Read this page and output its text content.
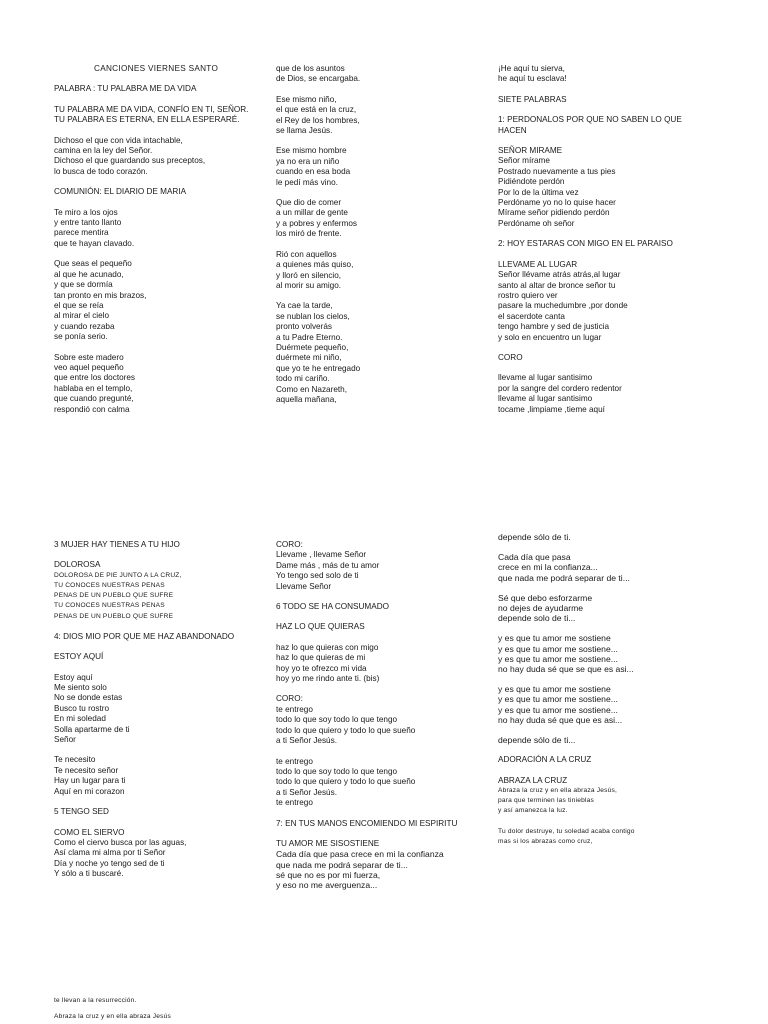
CANCIONES VIERNES SANTO

PALABRA : TU PALABRA ME DA VIDA

TU PALABRA ME DA VIDA, CONFÍO EN TI, SEÑOR.
TU PALABRA ES ETERNA, EN ELLA ESPERARÉ.

Dichoso el que con vida intachable,
camina en la ley del Señor.
Dichoso el que guardando sus preceptos,
lo busca de todo corazón.

COMUNIÓN: EL DIARIO DE MARIA

Te miro a los ojos
y entre tanto llanto
parece mentira
que te hayan clavado.

Que seas el pequeño
al que he acunado,
y que se dormía
tan pronto en mis brazos,
el que se reía
al mirar el cielo
y cuando rezaba
se ponía serio.

Sobre este madero
veo aquel pequeño
que entre los doctores
hablaba en el templo,
que cuando pregunté,
respondió con calma

que de los asuntos
de Dios, se encargaba.

Ese mismo niño,
el que está en la cruz,
el Rey de los hombres,
se llama Jesús.

Ese mismo hombre
ya no era un niño
cuando en esa boda
le pedí más vino.

Que dio de comer
a un millar de gente
y a pobres y enfermos
los miró de frente.

Rió con aquellos
a quienes más quiso,
y lloró en silencio,
al morir su amigo.

Ya cae la tarde,
se nublan los cielos,
pronto volverás
a tu Padre Eterno.
Duérmete pequeño,
duérmete mi niño,
que yo te he entregado
todo mi cariño.
Como en Nazareth,
aquella mañana,

¡He aquí tu sierva,
he aquí tu esclava!

SIETE PALABRAS

1: PERDONALOS POR QUE NO SABEN LO QUE
HACEN

SEÑOR MIRAME
Señor mírame
Postrado nuevamente a tus pies
Pidiéndote perdón
Por lo de la última vez
Perdóname yo no lo quise hacer
Mírame señor pidiendo perdón
Perdóname oh señor

2: HOY ESTARAS CON MIGO EN EL PARAISO

LLEVAME AL LUGAR
Señor llévame atrás atrás,al lugar
santo al altar de bronce señor tu
rostro quiero ver
pasare la muchedumbre ,por donde
el sacerdote canta
tengo hambre y sed de justicia
y solo en encuentro un lugar

CORO

llevame al lugar santisimo
por la sangre del cordero redentor
llevame al lugar santisimo
tocame ,limpiame ,tieme aquí

3 MUJER HAY TIENES A TU HIJO

DOLOROSA
DOLOROSA DE PIE JUNTO A LA CRUZ,
TU CONOCES NUESTRAS PENAS
PENAS DE UN PUEBLO QUE SUFRE
TU CONOCES NUESTRAS PENAS
PENAS DE UN PUEBLO QUE SUFRE

4: DIOS MIO POR QUE ME HAZ ABANDONADO

ESTOY AQUÍ

Estoy aquí
Me siento solo
No se donde estas
Busco tu rostro
En mi soledad
Solla apartarme de ti
Señor

Te necesito
Te necesito señor
Hay un lugar para ti
Aquí en mi corazon

5 TENGO SED

COMO EL SIERVO
Como el ciervo busca por las aguas,
Así clama mi alma por ti Señor
Día y noche yo tengo sed de ti
Y sólo a ti buscaré.

CORO:
Llevame , llevame Señor
Dame más , más de tu amor
Yo tengo sed solo de ti
Llevame Señor

6 TODO SE HA CONSUMADO

HAZ LO QUE QUIERAS

haz lo que quieras con migo
haz lo que quieras de mi
hoy yo te ofrezco mi vida
hoy yo me rindo ante ti. (bis)

CORO:
te entrego
todo lo que soy todo lo que tengo
todo lo que quiero y todo lo que sueño
a ti Señor Jesús.

te entrego
todo lo que soy todo lo que tengo
todo lo que quiero y todo lo que sueño
a ti Señor Jesús.
te entrego

7: EN TUS MANOS ENCOMIENDO MI ESPIRITU

TU AMOR ME SISOSTIENE
Cada día que pasa crece en mi la confianza
que nada me podrá separar de ti...
sé que no es por mi fuerza,
y eso no me averguenza...

depende sólo de ti.

Cada día que pasa
crece en mi la confianza...
que nada me podrá separar de ti...

Sé que debo esforzarme
no dejes de ayudarme
depende solo de ti...

y es que tu amor me sostiene
y es que tu amor me sostiene...
y es que tu amor me sostiene...
no hay duda sé que se que es asi...

y es que tu amor me sostiene
y es que tu amor me sostiene...
y es que tu amor me sostiene...
no hay duda sé que que es asi...

depende sólo de ti...

ADORACIÓN A LA CRUZ

ABRAZA LA CRUZ
Abraza la cruz y en ella abraza Jesús,
para que terminen las tinieblas
y así amanezca la luz.

Tu dolor destruye, tu soledad acaba contigo
mas si los abrazas como cruz,

te llevan a la resurrección.
Abraza la cruz y en ella abraza Jesús
